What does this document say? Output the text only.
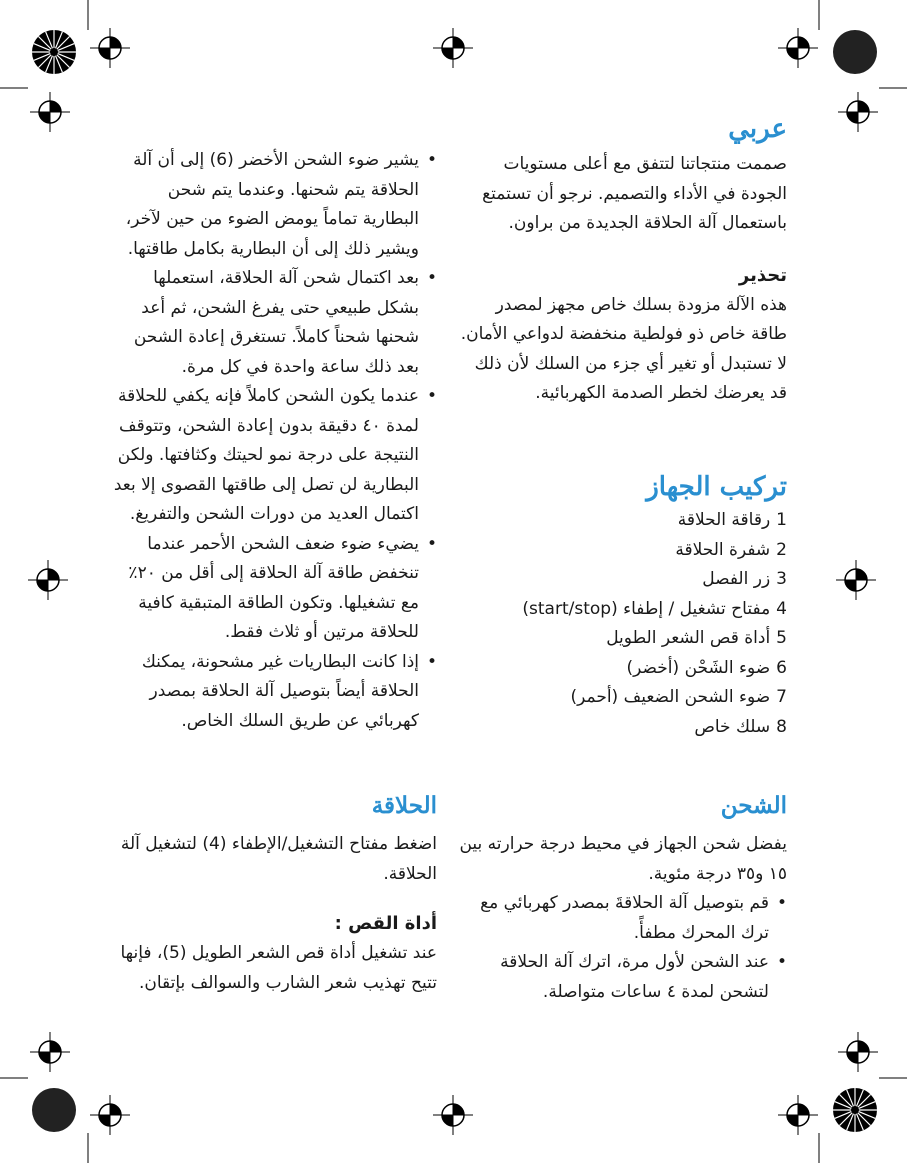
عربي

صممت منتجاتنا لتتفق مع أعلى مستويات الجودة في الأداء والتصميم. نرجو أن تستمتع باستعمال آلة الحلاقة الجديدة من براون.

تحذير

هذه الآلة مزودة بسلك خاص مجهز لمصدر طاقة خاص ذو فولطية منخفضة لدواعي الأمان. لا تستبدل أو تغير أي جزء من السلك لأن ذلك قد يعرضك لخطر الصدمة الكهربائية.

تركيب الجهاز
1رقاقة الحلاقة
2شفرة الحلاقة
3زر الفصل
4مفتاح تشغيل / إطفاء (start/stop)
5أداة قص الشعر الطويل
6ضوء الشَحْن (أخضر)
7ضوء الشحن الضعيف (أحمر)
8سلك خاص
الشحن

يفضل شحن الجهاز في محيط درجة حرارته بين ١٥ و٣٥ درجة مئوية.

• قم بتوصيل آلة الحلاقةَ بمصدر كهربائي مع ترك المحرك مطفأً.
• عند الشحن لأول مرة، اترك آلة الحلاقة لتشحن لمدة ٤ ساعات متواصلة.
• يشير ضوء الشحن الأخضر (6) إلى أن آلة الحلاقة يتم شحنها. وعندما يتم شحن البطارية تماماً يومض الضوء من حين لآخر، ويشير ذلك إلى أن البطارية بكامل طاقتها.
• بعد اكتمال شحن آلة الحلاقة، استعملها بشكل طبيعي حتى يفرغ الشحن، ثم أعد شحنها شحناً كاملاً. تستغرق إعادة الشحن بعد ذلك ساعة واحدة في كل مرة.
• عندما يكون الشحن كاملاً فإنه يكفي للحلاقة لمدة ٤٠ دقيقة بدون إعادة الشحن، وتتوقف النتيجة على درجة نمو لحيتك وكثافتها. ولكن البطارية لن تصل إلى طاقتها القصوى إلا بعد اكتمال العديد من دورات الشحن والتفريغ.
• يضيء ضوء ضعف الشحن الأحمر عندما تنخفض طاقة آلة الحلاقة إلى أقل من ٢٠٪ مع تشغيلها. وتكون الطاقة المتبقية كافية للحلاقة مرتين أو ثلاث فقط.
• إذا كانت البطاريات غير مشحونة، يمكنك الحلاقة أيضاً بتوصيل آلة الحلاقة بمصدر كهربائي عن طريق السلك الخاص.
الحلاقة

اضغط مفتاح التشغيل/الإطفاء (4) لتشغيل آلة الحلاقة.

أداة القص :

عند تشغيل أداة قص الشعر الطويل (5)، فإنها تتيح تهذيب شعر الشارب والسوالف بإتقان.
